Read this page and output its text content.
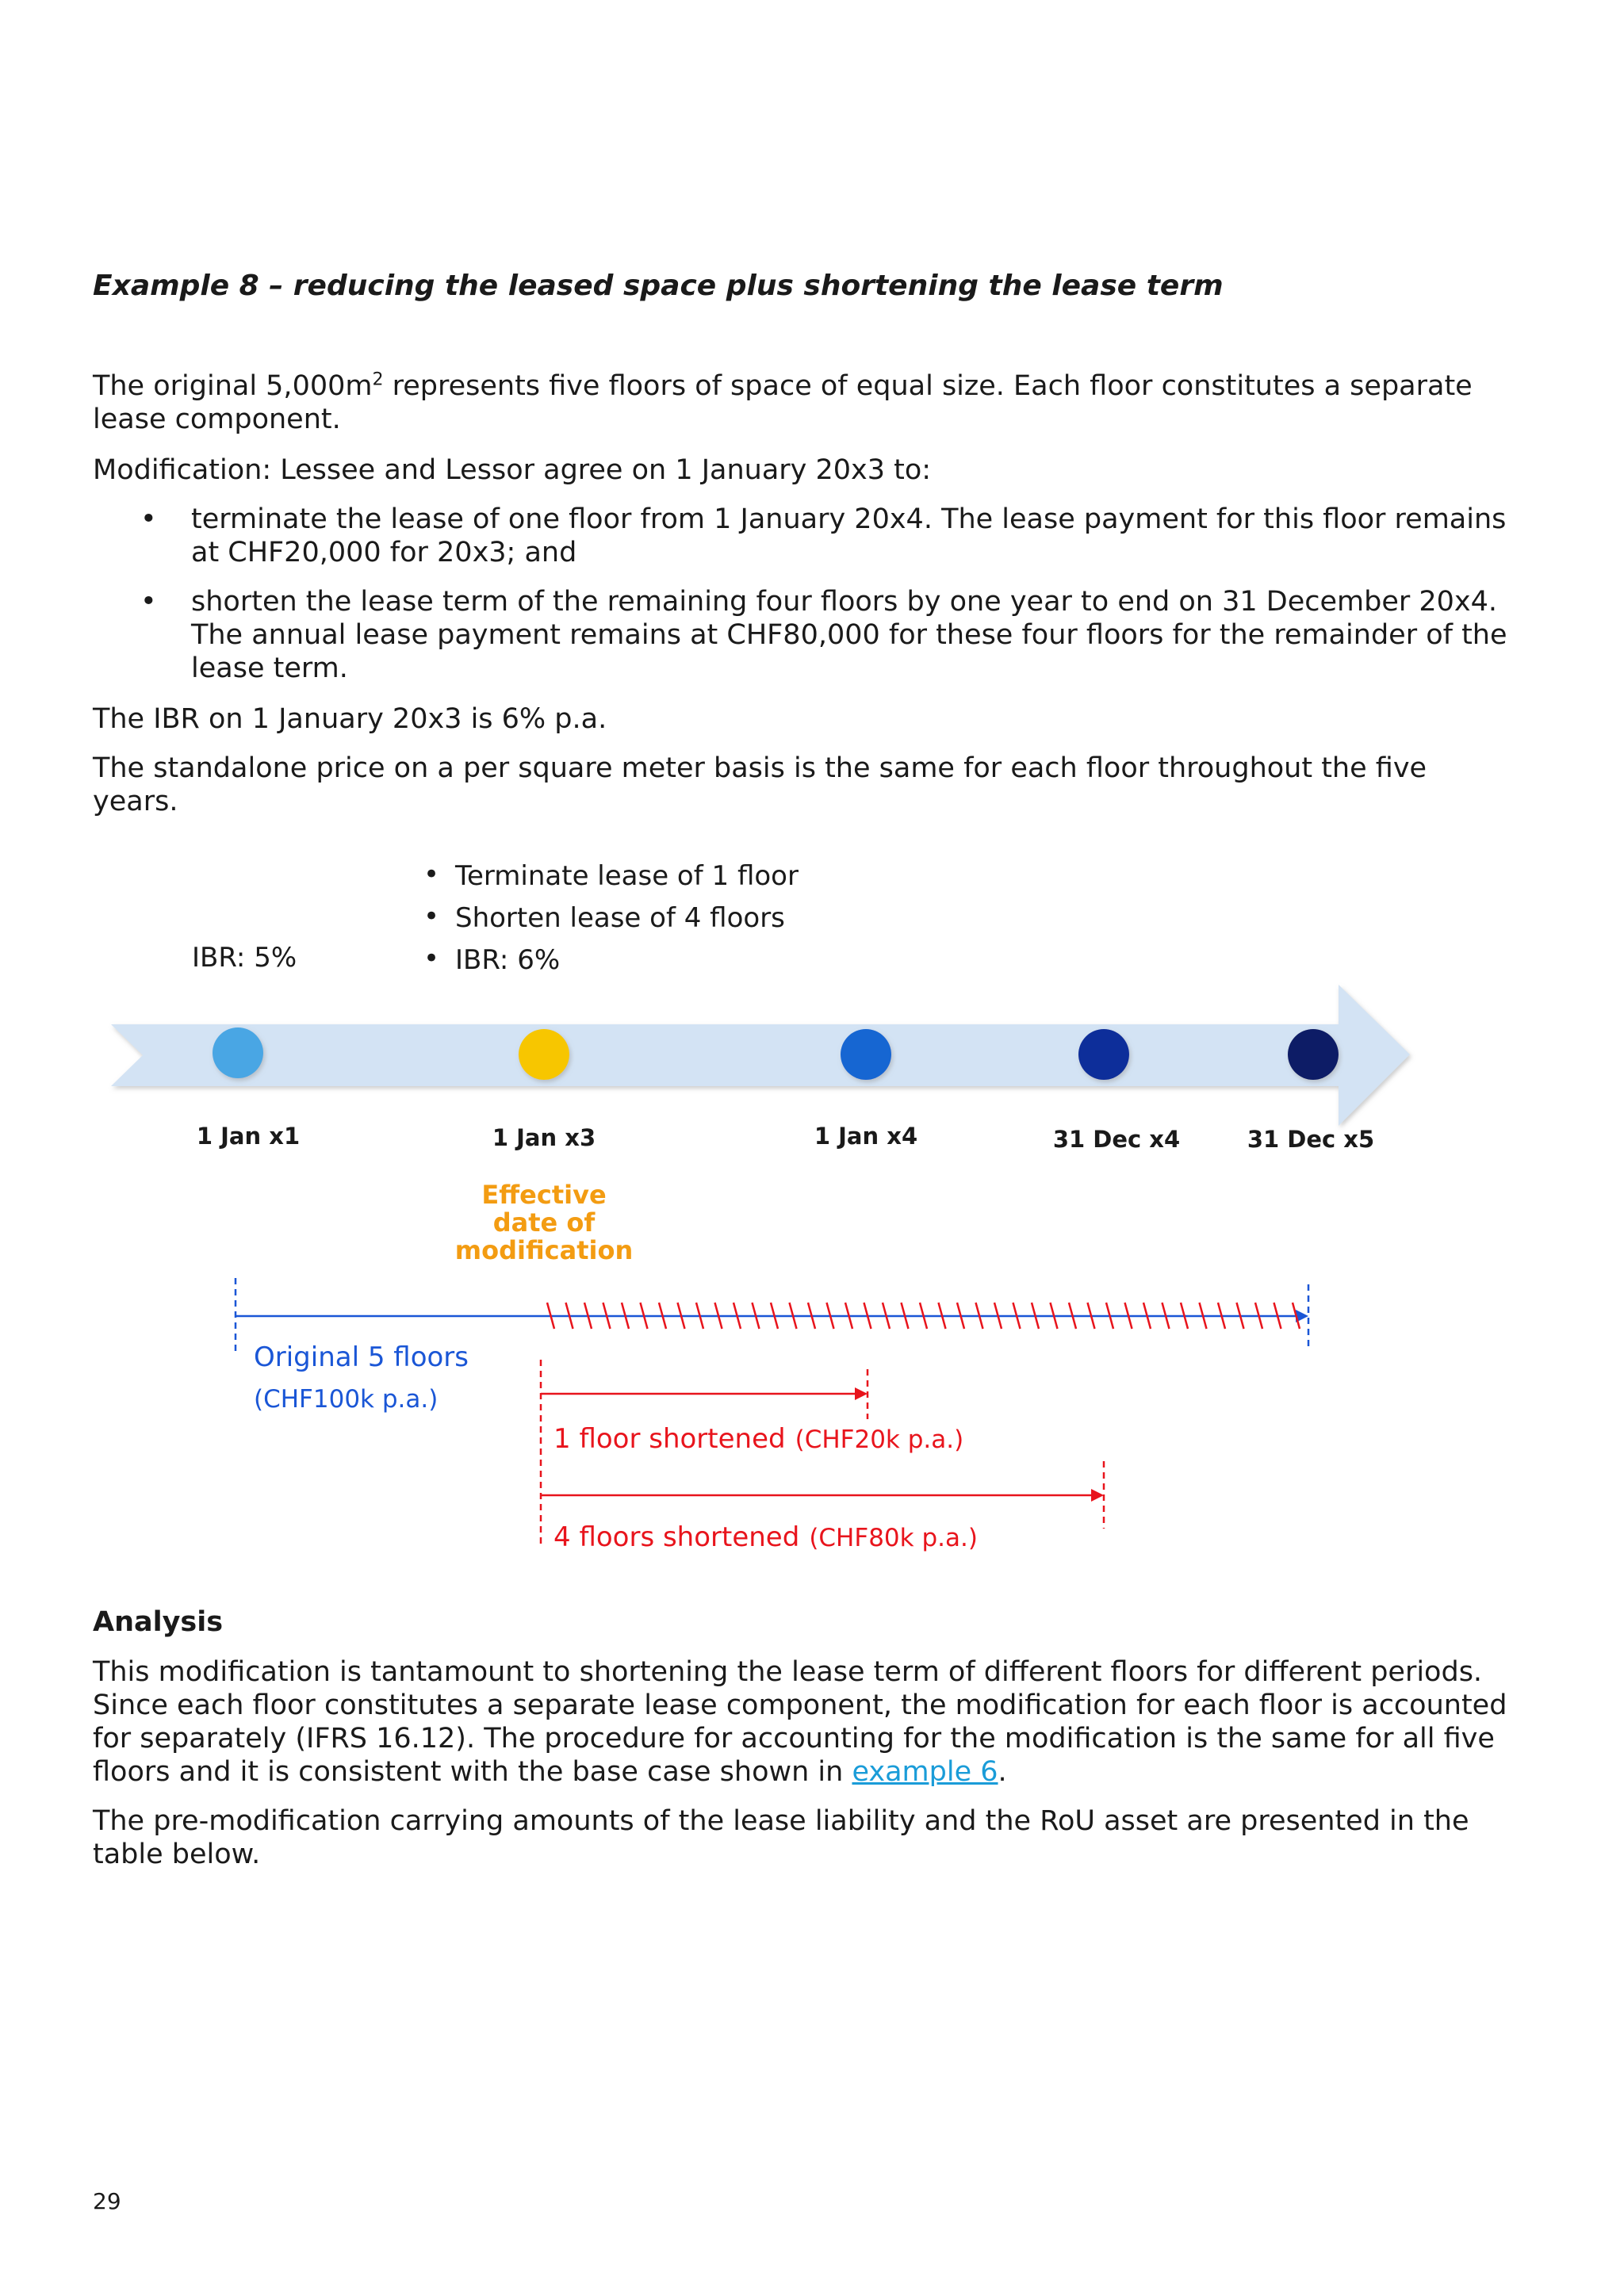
Example 8 – reducing the leased space plus shortening the lease term

The original $5,000m^2$ represents five floors of space of equal size. Each floor constitutes a separate lease component.

Modification: Lessee and Lessor agree on 1 January 20x3 to:

• terminate the lease of one floor from 1 January 20x4. The lease payment for this floor remains at CHF20,000 for 20x3; and
• shorten the lease term of the remaining four floors by one year to end on 31 December 20x4. The annual lease payment remains at CHF80,000 for these four floors for the remainder of the lease term.

The IBR on 1 January 20x3 is 6% p.a.

The standalone price on a per square meter basis is the same for each floor throughout the five years.

IBR: 5%
• Terminate lease of 1 floor
• Shorten lease of 4 floors
• IBR: 6%
1 Jan x1	1 Jan x3	1 Jan x4	31 Dec x4	31 Dec x5
Effective
date of
modification
Original 5 floors
(CHF100k p.a.)
1 floor shortened (CHF20k p.a.)
4 floors shortened (CHF80k p.a.)
Analysis

This modification is tantamount to shortening the lease term of different floors for different periods. Since each floor constitutes a separate lease component, the modification for each floor is accounted for separately (IFRS 16.12). The procedure for accounting for the modification is the same for all five floors and it is consistent with the base case shown in example 6.

The pre-modification carrying amounts of the lease liability and the RoU asset are presented in the table below.

29
